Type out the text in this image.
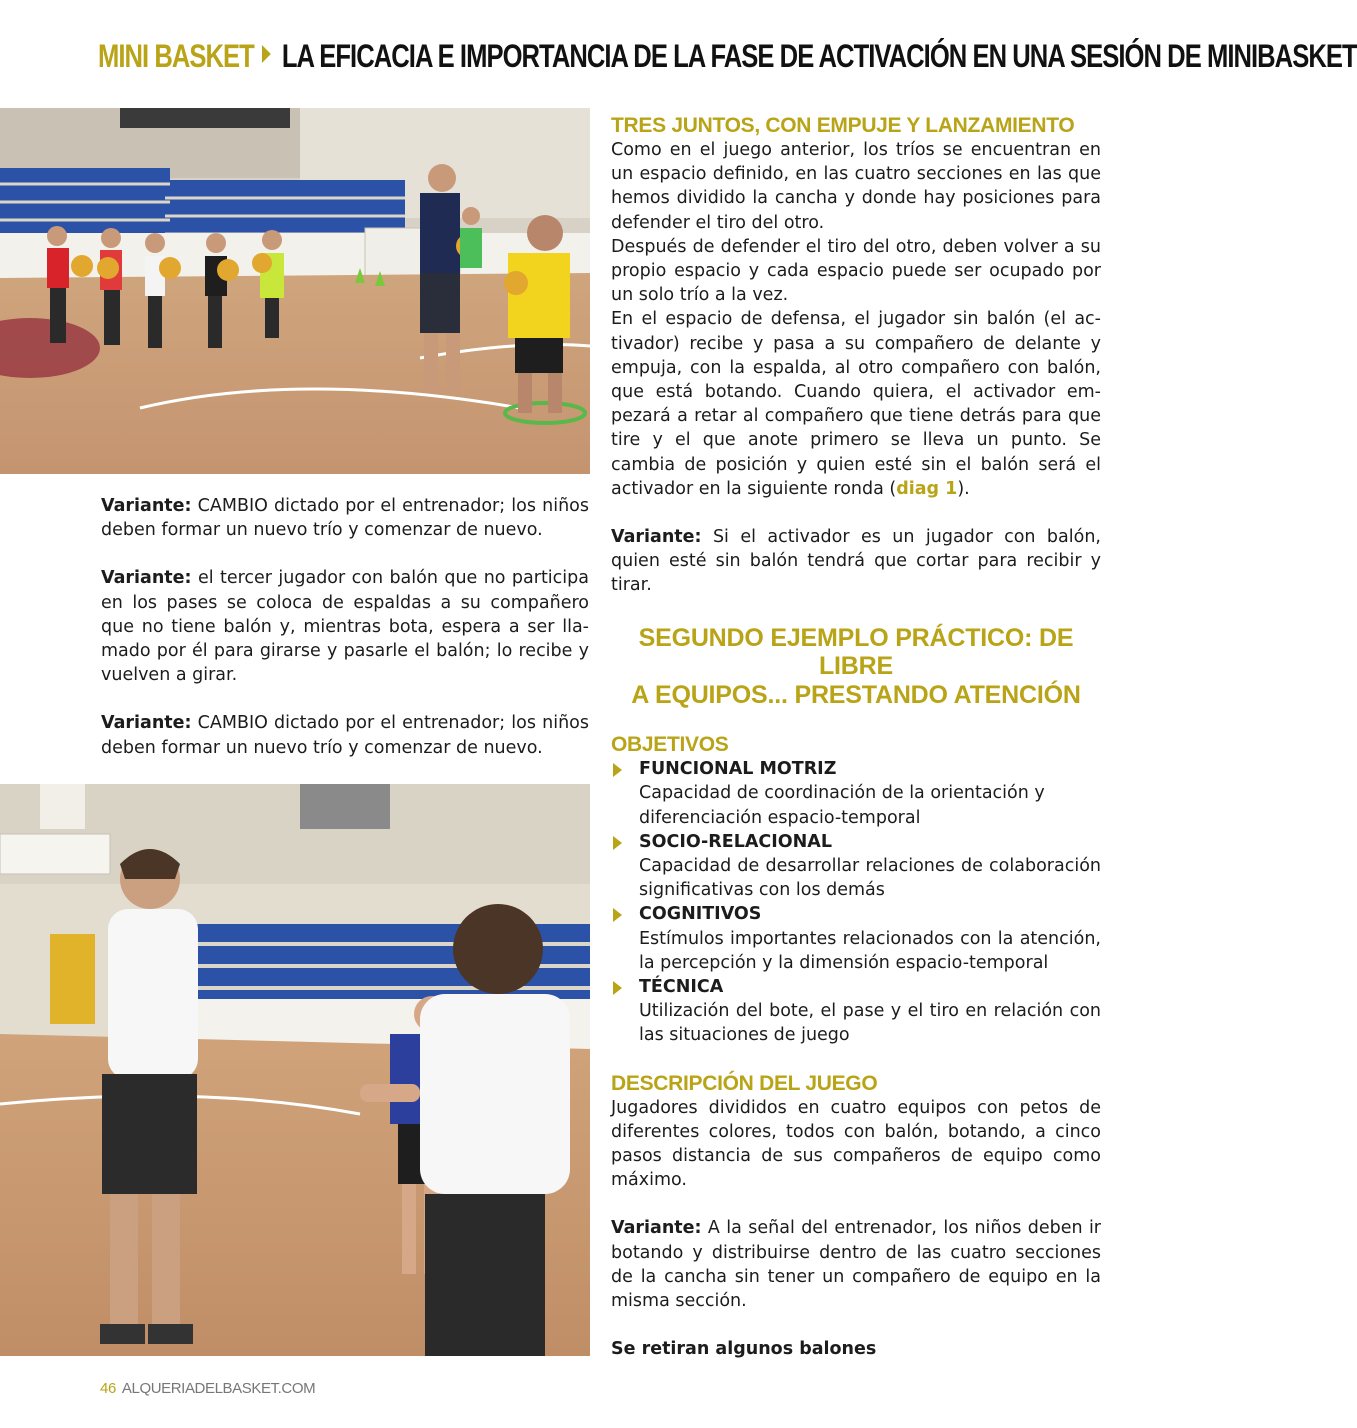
MINI BASKET LA EFICACIA E IMPORTANCIA DE LA FASE DE ACTIVACIÓN EN UNA SESIÓN DE MINIBASKET

Variante: CAMBIO dictado por el entrenador; los niños deben formar un nuevo trío y comenzar de nuevo.

Variante: el tercer jugador con balón que no participa en los pases se coloca de espaldas a su compañero que no tiene balón y, mientras bota, espera a ser llamado por él para girarse y pasarle el balón; lo recibe y vuelven a girar.

Variante: CAMBIO dictado por el entrenador; los niños deben formar un nuevo trío y comenzar de nuevo.

TRES JUNTOS, CON EMPUJE Y LANZAMIENTO
Como en el juego anterior, los tríos se encuentran en un espacio definido, en las cuatro secciones en las que hemos dividido la cancha y donde hay posiciones para defender el tiro del otro.
Después de defender el tiro del otro, deben volver a su propio espacio y cada espacio puede ser ocupado por un solo trío a la vez.
En el espacio de defensa, el jugador sin balón (el activador) recibe y pasa a su compañero de delante y empuja, con la espalda, al otro compañero con balón, que está botando. Cuando quiera, el activador empezará a retar al compañero que tiene detrás para que tire y el que anote primero se lleva un punto. Se cambia de posición y quien esté sin el balón será el activador en la siguiente ronda (diag 1).
Variante: Si el activador es un jugador con balón, quien esté sin balón tendrá que cortar para recibir y tirar.
SEGUNDO EJEMPLO PRÁCTICO: DE LIBRE
A EQUIPOS... PRESTANDO ATENCIÓN
OBJETIVOS
FUNCIONAL MOTRIZ
Capacidad de coordinación de la orientación y diferenciación espacio-temporal
SOCIO-RELACIONAL
Capacidad de desarrollar relaciones de colaboración significativas con los demás
COGNITIVOS
Estímulos importantes relacionados con la atención, la percepción y la dimensión espacio-temporal
TÉCNICA
Utilización del bote, el pase y el tiro en relación con las situaciones de juego
DESCRIPCIÓN DEL JUEGO
Jugadores divididos en cuatro equipos con petos de diferentes colores, todos con balón, botando, a cinco pasos distancia de sus compañeros de equipo como máximo.
Variante: A la señal del entrenador, los niños deben ir botando y distribuirse dentro de las cuatro secciones de la cancha sin tener un compañero de equipo en la misma sección.
Se retiran algunos balones
46 ALQUERIADELBASKET.COM
